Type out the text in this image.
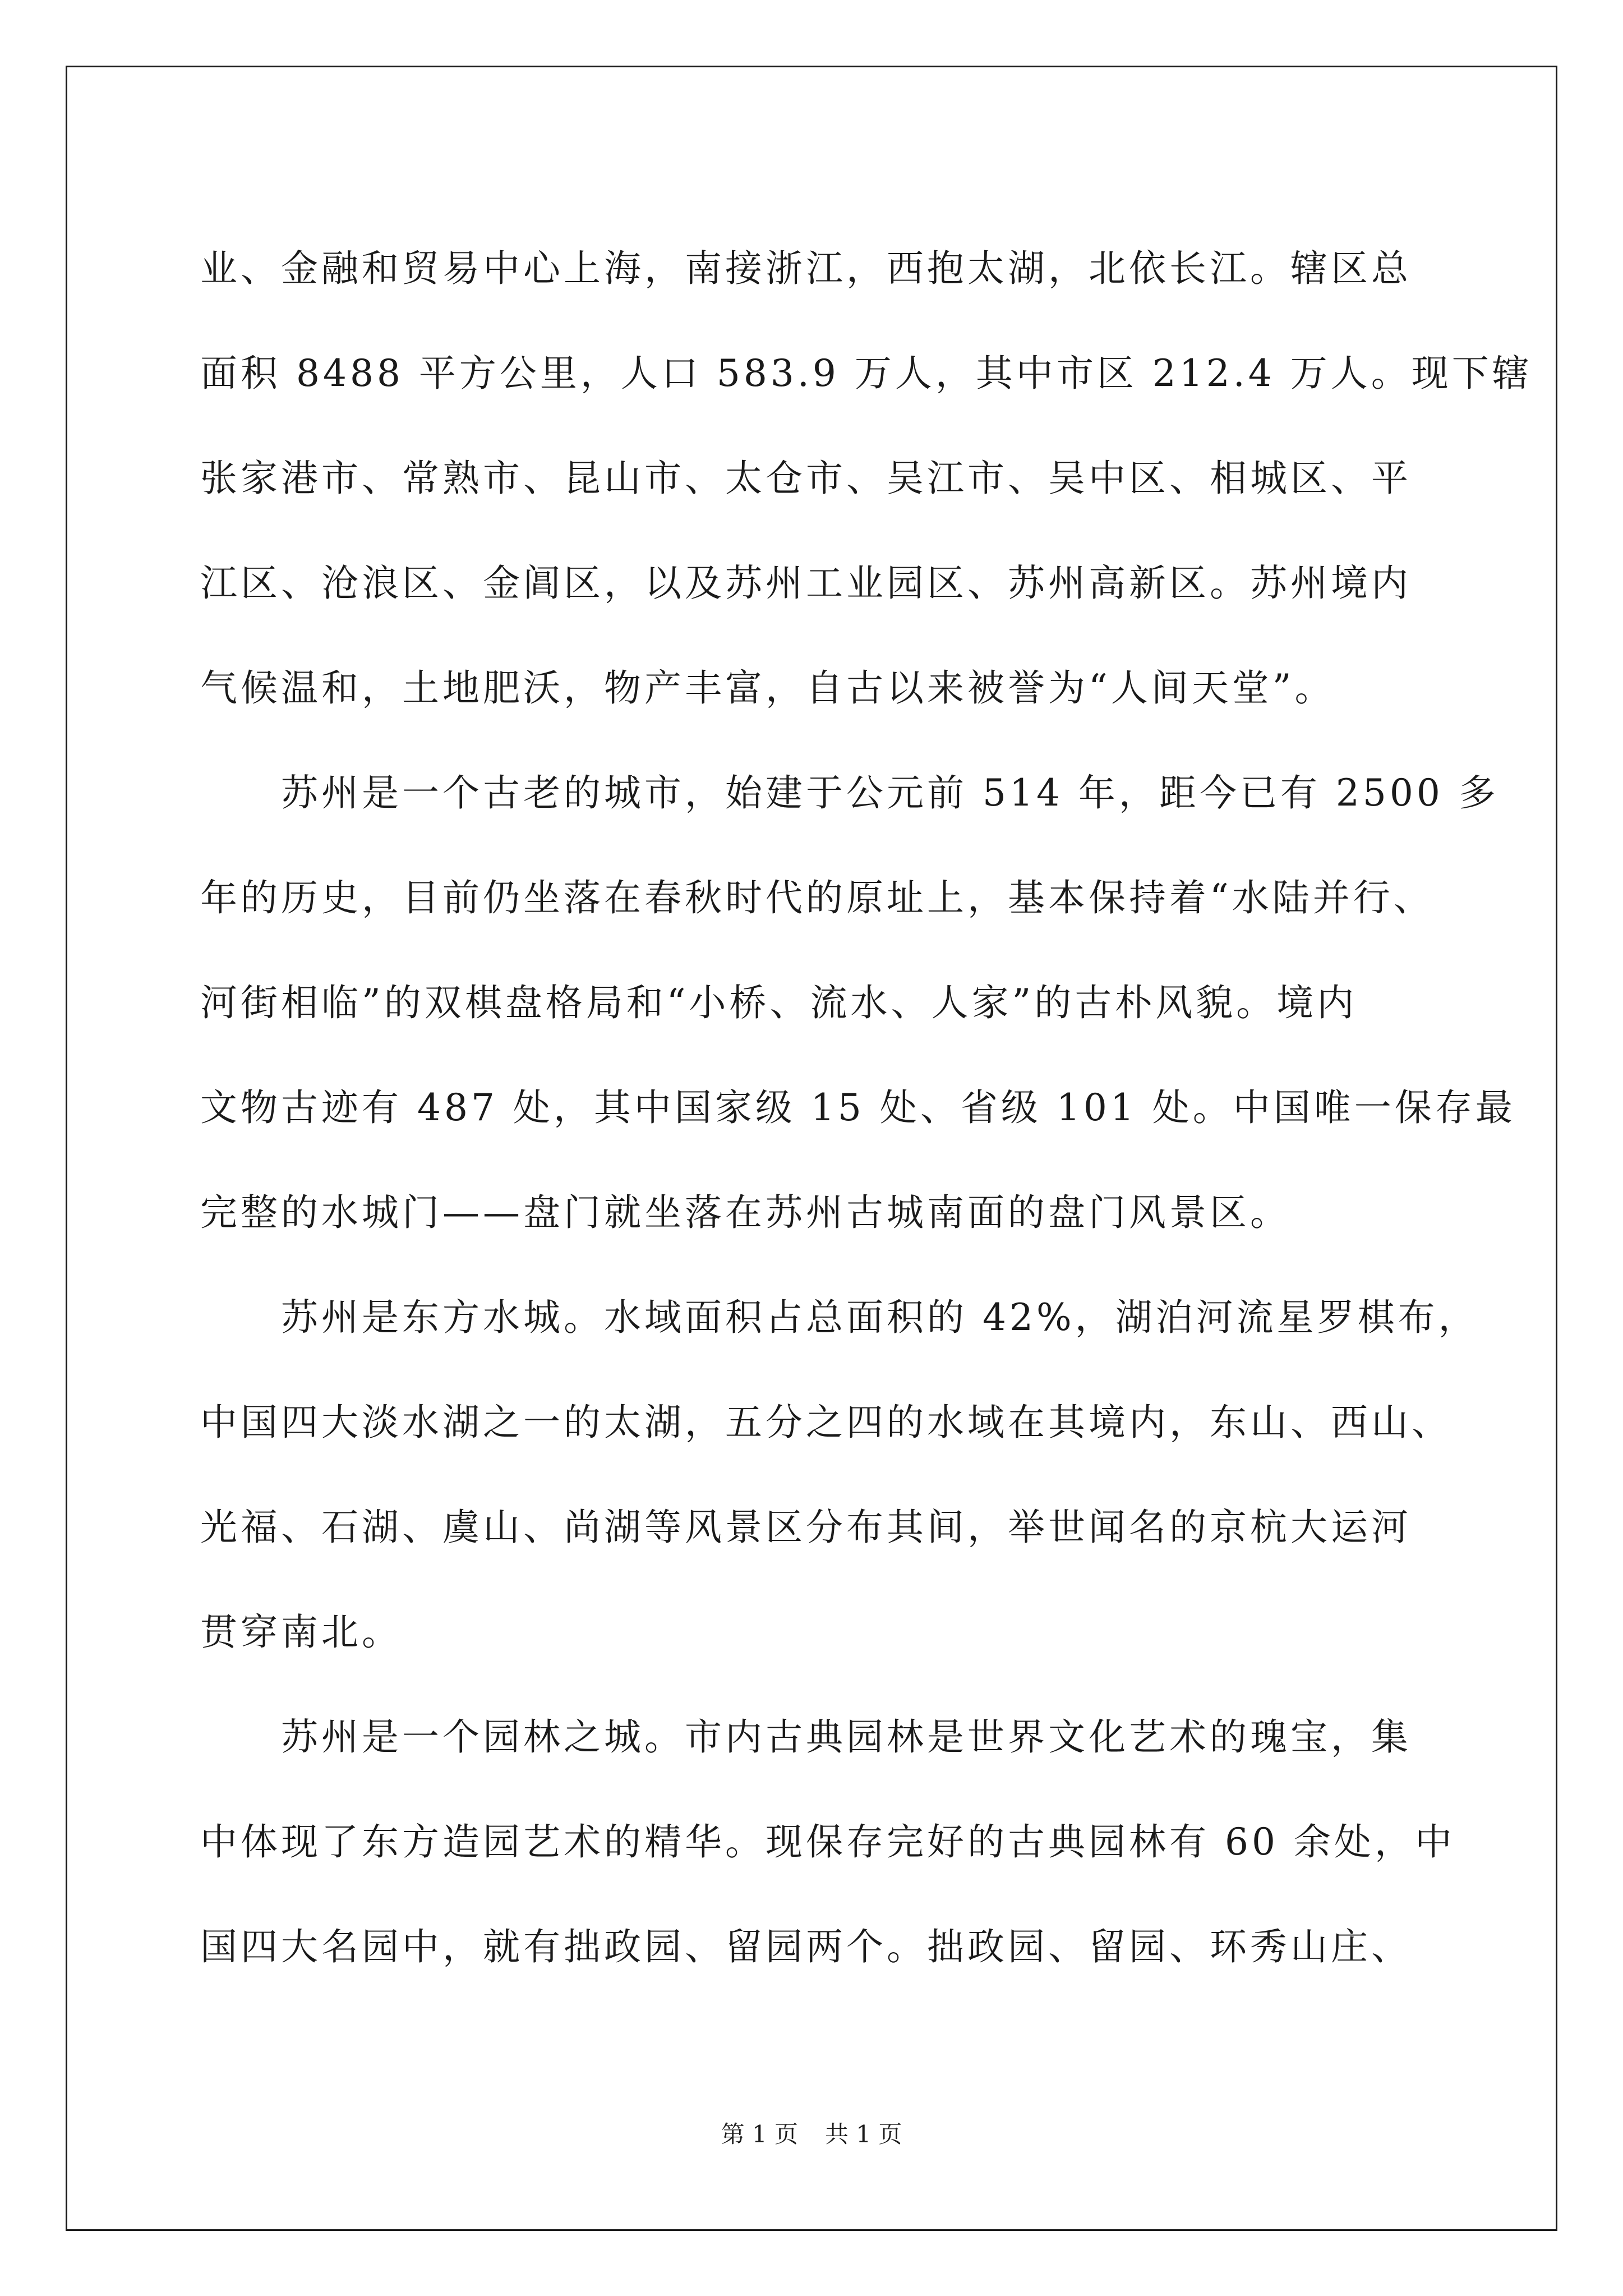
业、金融和贸易中心上海，南接浙江，西抱太湖，北依长江。辖区总
面积 8488 平方公里，人口 583.9 万人，其中市区 212.4 万人。现下辖
张家港市、常熟市、昆山市、太仓市、吴江市、吴中区、相城区、平
江区、沧浪区、金阊区，以及苏州工业园区、苏州高新区。苏州境内
气候温和，土地肥沃，物产丰富，自古以来被誉为“人间天堂”。
苏州是一个古老的城市，始建于公元前 514 年，距今已有 2500 多
年的历史，目前仍坐落在春秋时代的原址上，基本保持着“水陆并行、
河街相临”的双棋盘格局和“小桥、流水、人家”的古朴风貌。境内
文物古迹有 487 处，其中国家级 15 处、省级 101 处。中国唯一保存最
完整的水城门——盘门就坐落在苏州古城南面的盘门风景区。
苏州是东方水城。水域面积占总面积的 42%，湖泊河流星罗棋布，
中国四大淡水湖之一的太湖，五分之四的水域在其境内，东山、西山、
光福、石湖、虞山、尚湖等风景区分布其间，举世闻名的京杭大运河
贯穿南北。
苏州是一个园林之城。市内古典园林是世界文化艺术的瑰宝，集
中体现了东方造园艺术的精华。现保存完好的古典园林有 60 余处，中
国四大名园中，就有拙政园、留园两个。拙政园、留园、环秀山庄、
第 1 页 共 1 页
